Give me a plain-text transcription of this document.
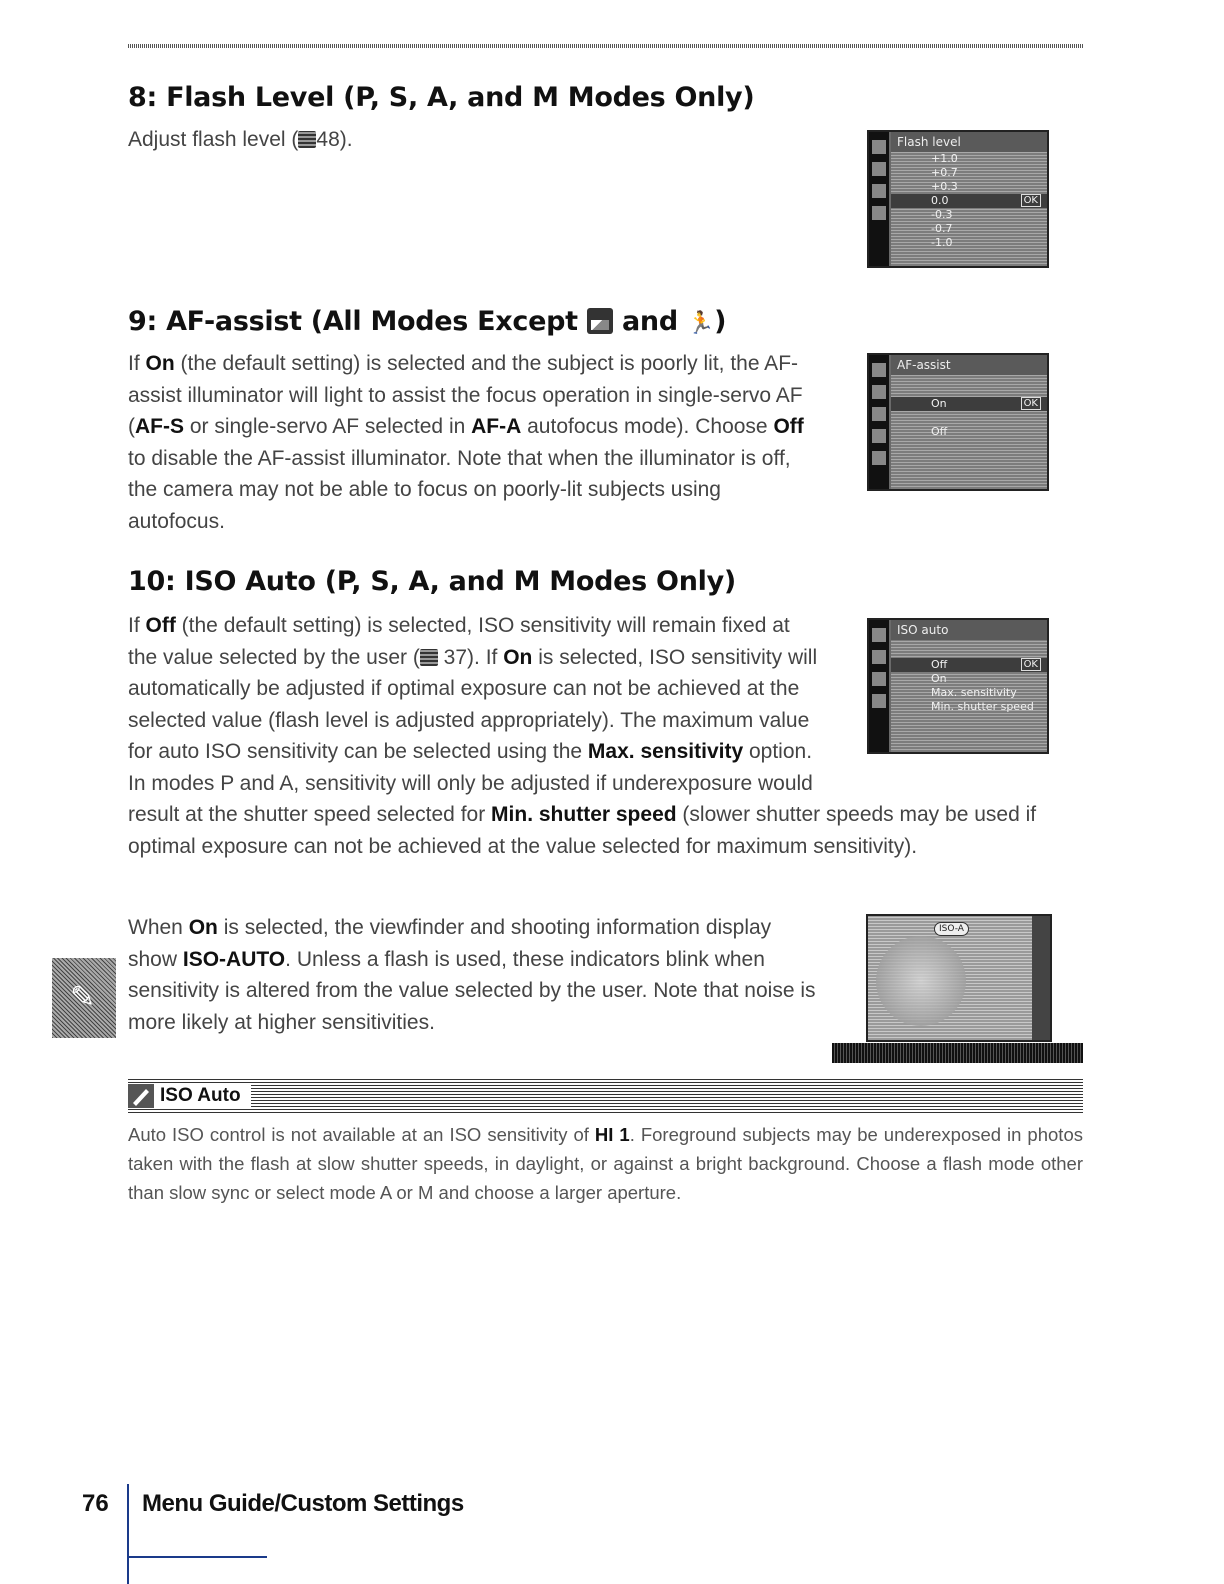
8: Flash Level (P, S, A, and M Modes Only)

Adjust flash level ( 48).	Flash level
+1.0
+0.7
+0.3
0.0	OK
-0.3
-0.7
-1.0
9: AF-assist (All Modes Except  and 🏃)

If On (the default setting) is selected and the subject is poorly lit, the AF-assist illuminator will light to assist the focus operation in single-servo AF (AF-S or single-servo AF selected in AF-A autofocus mode). Choose Off to disable the AF-assist illuminator. Note that when the illuminator is off, the camera may not be able to focus on poorly-lit subjects using autofocus.

AF-assist
On	OK
Off
10: ISO Auto (P, S, A, and M Modes Only)

If Off (the default setting) is selected, ISO sensitivity will remain fixed at the value selected by the user ( 37). If On is selected, ISO sensitivity will automatically be adjusted if optimal exposure can not be achieved at the selected value (flash level is adjusted appropriately). The maximum value for auto ISO sensitivity can be selected using the Max. sensitivity option. In modes P and A, sensitivity will only be adjusted if underexposure would result at the shutter speed selected for Min. shutter speed (slower shutter speeds may be used if optimal exposure can not be achieved at the value selected for maximum sensitivity).

ISO auto
Off	OK
On
Max. sensitivity
Min. shutter speed

When On is selected, the viewfinder and shooting information display show ISO-AUTO. Unless a flash is used, these indicators blink when sensitivity is altered from the value selected by the user. Note that noise is more likely at higher sensitivities.

✎
ISO-A
ISO Auto

Auto ISO control is not available at an ISO sensitivity of HI 1. Foreground subjects may be underexposed in photos taken with the flash at slow shutter speeds, in daylight, or against a bright background. Choose a flash mode other than slow sync or select mode A or M and choose a larger aperture.

76 Menu Guide/Custom Settings
